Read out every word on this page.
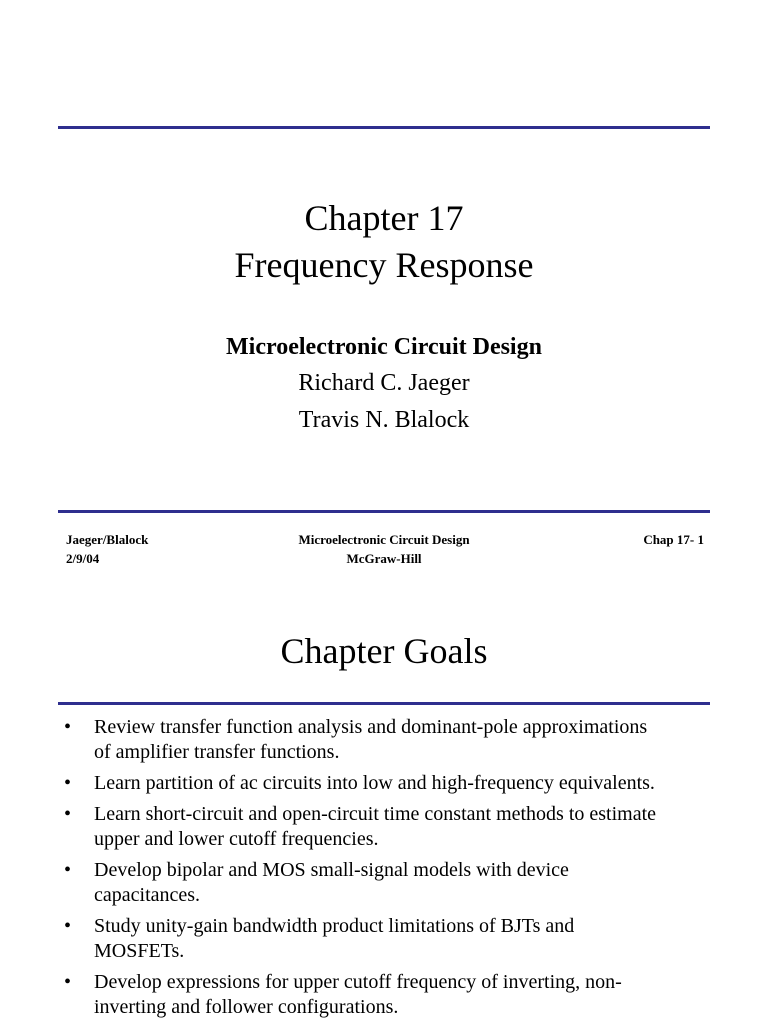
Chapter 17
Frequency Response
Microelectronic Circuit Design
Richard C. Jaeger
Travis N. Blalock
Jaeger/Blalock
2/9/04
Microelectronic Circuit Design
McGraw-Hill
Chap 17- 1
Chapter Goals
• Review transfer function analysis and dominant-pole approximations
of amplifier transfer functions.
• Learn partition of ac circuits into low and high-frequency equivalents.
• Learn short-circuit and open-circuit time constant methods to estimate
upper and lower cutoff frequencies.
• Develop bipolar and MOS small-signal models with device
capacitances.
• Study unity-gain bandwidth product limitations of BJTs and
MOSFETs.
• Develop expressions for upper cutoff frequency of inverting, non-
inverting and follower configurations.
